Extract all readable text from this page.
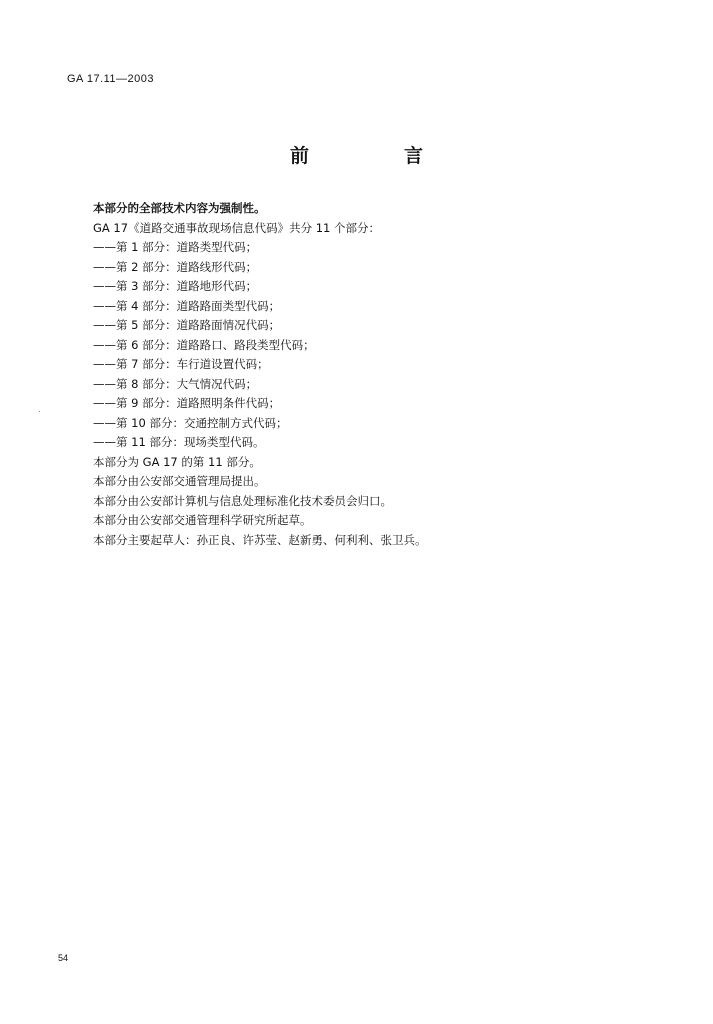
GA 17.11—2003
前　言
本部分的全部技术内容为强制性。
GA 17《道路交通事故现场信息代码》共分 11 个部分：
——第 1 部分：道路类型代码；
——第 2 部分：道路线形代码；
——第 3 部分：道路地形代码；
——第 4 部分：道路路面类型代码；
——第 5 部分：道路路面情况代码；
——第 6 部分：道路路口、路段类型代码；
——第 7 部分：车行道设置代码；
——第 8 部分：大气情况代码；
——第 9 部分：道路照明条件代码；
——第 10 部分：交通控制方式代码；
——第 11 部分：现场类型代码。
本部分为 GA 17 的第 11 部分。
本部分由公安部交通管理局提出。
本部分由公安部计算机与信息处理标准化技术委员会归口。
本部分由公安部交通管理科学研究所起草。
本部分主要起草人：孙正良、许苏莹、赵新勇、何利利、张卫兵。
54
